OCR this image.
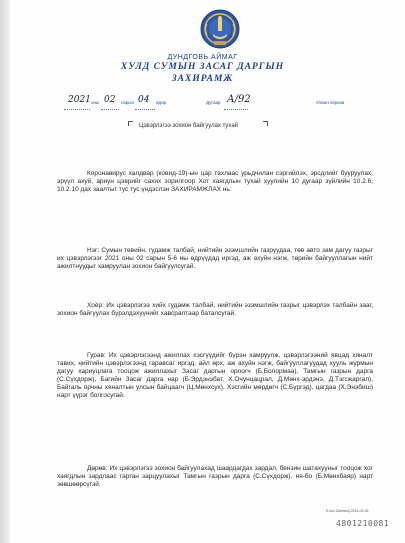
ДУНДГОВЬ АЙМАГ
ХУЛД СУМЫН ЗАСАГ ДАРГЫН
ЗАХИРАМЖ
2021 оны 02 сарын 04 өдөр	Дугаар А/92	Улаан хярхаа
Цэвэрлэгээ зохион байгуулах тухай
Коронавирус халдвар (ковид-19)-ын цар тахлаас урьдчилан сэргийлэх, эрсдлийг бууруулах, эрүүл ахуй, ариун цэврийг сахих зорилгоор Хот хаягдлын тухай хуулийн 10 дугаар зүйлийн 10.2.6, 10.2.10 дах заалтыг тус тус үндэслэн ЗАХИРАМЖЛАХ нь:
Нэг: Сумын төвийн, гудамж талбай, нийтийн эзэмшлийн газруудаа, төв авто зам дагуу газрыг их цэвэрлэгээг 2021 оны 02 сарын 5-6 ны өдрүүдад иргэд, аж ахуйн нэгж, төрийн байгууллагын нийт ажилтнуудыг хамруулан зохион байгуулсугай.
Хоёр: Их цэвэрлэгээ хийх гудамж талбай, нийтийн эзэмшлийн газрыг цэвэрлэх талбайн зааг, зохион байгуулах бүрэлдэхүүнийг хавсралтаар баталсугай.
Гурав: Их цэвэрлэгээнд ажиллах хэсгүүдийг бүрэн хамруулж, цэвэрлэгээний явцад хяналт тавих, нийтийн цэвэрлэгээнд гаравсаг иргэд, айл өрх, аж ахуйн нэгж, байгууллагуудад хууль журмын дагуу хариуцлага тооцож ажиллахыг Засаг даргын орлогч (Б.Болормаа), Тамгын газрын дарга (С.Сүхдорж), Багийн Засаг дарга нар (Б.Эрдэнэбат, Х.Очунцацрал, Д.Мөнх-эрдэнэ, Д.Тэгсжаргал), Байгаль орчны хяналтын улсын байцаагч (Ц.Мөнхсух), Хэсгийн мөрдөгч (С.Бүргэд), цагдаа (Х.Энэбиш) нарт үүрэг болгосугай.
Дөрөв: Их цэвэрлэгээ зохион байгуулахад шаардагдах зардал, бензин шатахууныг тооцож хог хаягдлын зардлаас гарган зарцуулахыг Тамгын газрын дарга (С.Сүхдорж), ня-бо (Б.Мөнхбаяр) нарт зөвшөөрсүгэй.
E.doc.Zahiramj-2021-02-04
4801210081
